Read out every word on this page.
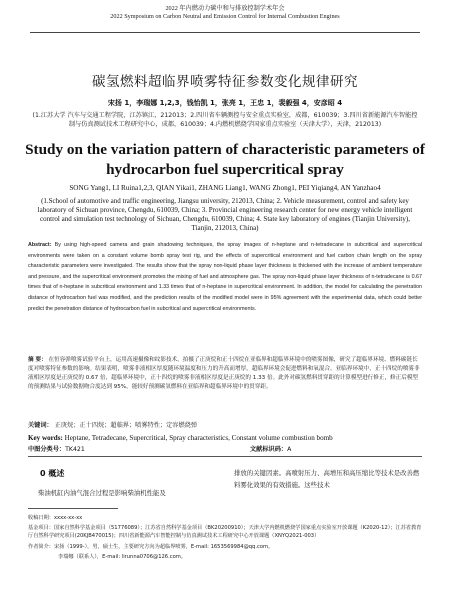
2022 年内燃动力碳中和与排放控制学术年会
2022 Symposium on Carbon Neutral and Emission Control for Internal Combustion Engines
碳氢燃料超临界喷雾特征参数变化规律研究
宋扬 1，李瑞娜 1,2,3，钱怡凯 1，张亮 1，王忠 1，裴毅强 4，安彦昭 4
(1.江苏大学 汽车与交通工程学院，江苏镇江，212013；2.四川省车辆测控与安全重点实验室，成都，610039；3.四川省新能源汽车智能控制与仿真测试技术工程研究中心，成都，610039；4.内燃机燃烧学国家重点实验室（天津大学），天津，212013)
Study on the variation pattern of characteristic parameters of hydrocarbon fuel supercritical spray
SONG Yang1, LI Ruina1,2,3, QIAN Yikai1, ZHANG Liang1, WANG Zhong1, PEI Yiqiang4, AN Yanzhao4
(1.School of automotive and traffic engineering, Jiangsu university, 212013, China; 2. Vehicle measurement, control and safety key laboratory of Sichuan province, Chengdu, 610039, China; 3. Provincial engineering research center for new energy vehicle intelligent control and simulation test technology of Sichuan, Chengdu, 610039, China; 4. State key laboratory of engines (Tianjin University), Tianjin, 212013, China)
Abstract: By using high-speed camera and grain shadowing techniques, the spray images of n-heptane and n-tetradecane in subcritical and supercritical environments were taken on a constant volume bomb spray test rig, and the effects of supercritical environment and fuel carbon chain length on the spray characteristic parameters were investigated. The results show that the spray non-liquid phase layer thickness is thickened with the increase of ambient temperature and pressure, and the supercritical environment promotes the mixing of fuel and atmosphere gas. The spray non-liquid phase layer thickness of n-tetradecane is 0.67 times that of n-heptane in subcritical environment and 1.33 times that of n-heptane in supercritical environment. In addition, the model for calculating the penetration distance of hydrocarbon fuel was modified, and the prediction results of the modified model were in 95% agreement with the experimental data, which could better predict the penetration distance of hydrocarbon fuel in subcritical and supercritical environments.
摘 要： 在恒容弹喷雾试验平台上，运用高速摄像和纹影技术，拍摄了正庚烷和正十四烷在亚临界和超临界环境中的喷雾图像，研究了超临界环境、燃料碳链长度对喷雾特征参数的影响。结果表明，喷雾非液相区厚度随环境温度和压力的升高而增厚，超临界环境会促进燃料和氧混合。亚临界环境中，正十四烷的喷雾非液相区厚度是正庚烷的 0.67 倍，超临界环境中，正十四烷的喷雾非液相区厚度是正庚烷的 1.33 倍。此外对碳氢燃料贯穿距的计算模型进行修正，修正后模型的预测结果与试验数据吻合度达到 95%，能较好预测碳氢燃料在亚临界和超临界环境中的贯穿距。
关键词： 正庚烷；正十四烷；超临界；喷雾特性；定容燃烧弹
Key words: Heptane, Tetradecane, Supercritical, Spray characteristics, Constant volume combustion bomb
中图分类号：TK421	文献标识码：A
0 概述
柴油机缸内油气混合过程是影响柴油机性能及
排放的关键因素。高喷射压力、高增压和高压缩比等技术是改善燃料雾化效果的有效措施。这些技术
收稿日期：xxxx-xx-xx
基金项目：国家自然科学基金项目（51776089）；江苏省自然科学基金项目（BK20200910）；天津大学内燃机燃烧学国家重点实验室开放课题（K2020-12）；江苏省教育厅自然科学研究项目(20KJB470015)；四川省新能源汽车智能控制与仿真测试技术工程研究中心开放课题（XNYQ2021-003）
作者简介：宋扬（1999-），男，硕士生，主要研究方向为超临界喷雾，E-mail: 1653569984@qq.com。
李瑞娜（联系人），E-mail: lirunna0706@126.com。
